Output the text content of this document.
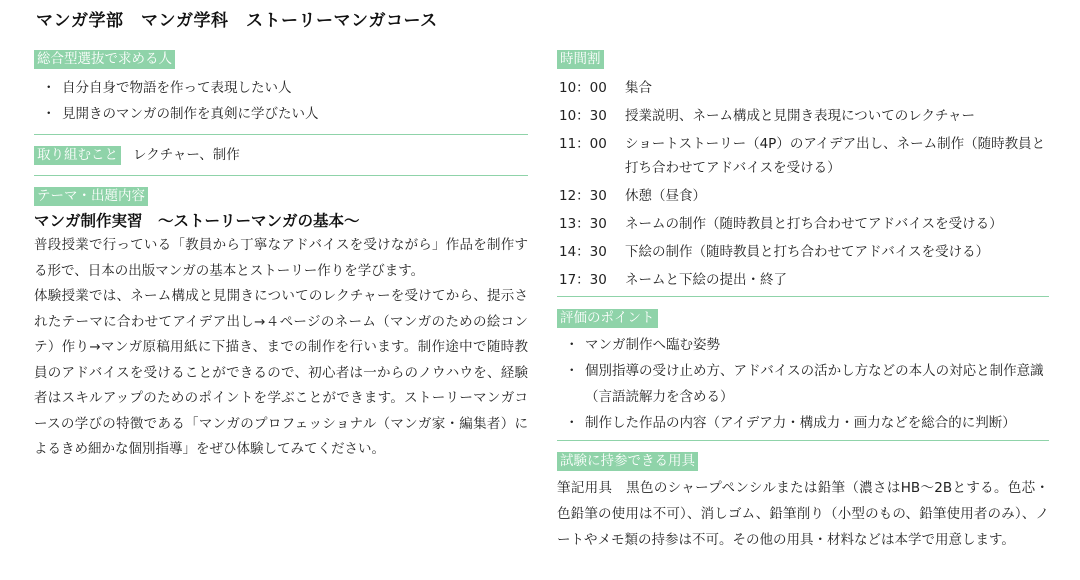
マンガ学部　マンガ学科　ストーリーマンガコース
総合型選抜で求める人
・ 自分自身で物語を作って表現したい人
・ 見開きのマンガの制作を真剣に学びたい人
取り組むこと レクチャー、制作
テーマ・出題内容
マンガ制作実習　〜ストーリーマンガの基本〜

普段授業で行っている「教員から丁寧なアドバイスを受けながら」作品を制作する形で、日本の出版マンガの基本とストーリー作りを学びます。

体験授業では、ネーム構成と見開きについてのレクチャーを受けてから、提示されたテーマに合わせてアイデア出し→４ページのネーム（マンガのための絵コンテ）作り→マンガ原稿用紙に下描き、までの制作を行います。制作途中で随時教員のアドバイスを受けることができるので、初心者は一からのノウハウを、経験者はスキルアップのためのポイントを学ぶことができます。ストーリーマンガコースの学びの特徴である「マンガのプロフェッショナル（マンガ家・編集者）によるきめ細かな個別指導」をぜひ体験してみてください。

時間割
10：00	集合
10：30	授業説明、ネーム構成と見開き表現についてのレクチャー
11：00	ショートストーリー（4P）のアイデア出し、ネーム制作（随時教員と打ち合わせてアドバイスを受ける）
12：30	休憩（昼食）
13：30	ネームの制作（随時教員と打ち合わせてアドバイスを受ける）
14：30	下絵の制作（随時教員と打ち合わせてアドバイスを受ける）
17：30	ネームと下絵の提出・終了
評価のポイント
・ マンガ制作へ臨む姿勢
・ 個別指導の受け止め方、アドバイスの活かし方などの本人の対応と制作意識（言語読解力を含める）
・ 制作した作品の内容（アイデア力・構成力・画力などを総合的に判断）
試験に持参できる用具

筆記用具　黒色のシャープペンシルまたは鉛筆（濃さはHB〜2Bとする。色芯・色鉛筆の使用は不可）、消しゴム、鉛筆削り（小型のもの、鉛筆使用者のみ）、ノートやメモ類の持参は不可。その他の用具・材料などは本学で用意します。
